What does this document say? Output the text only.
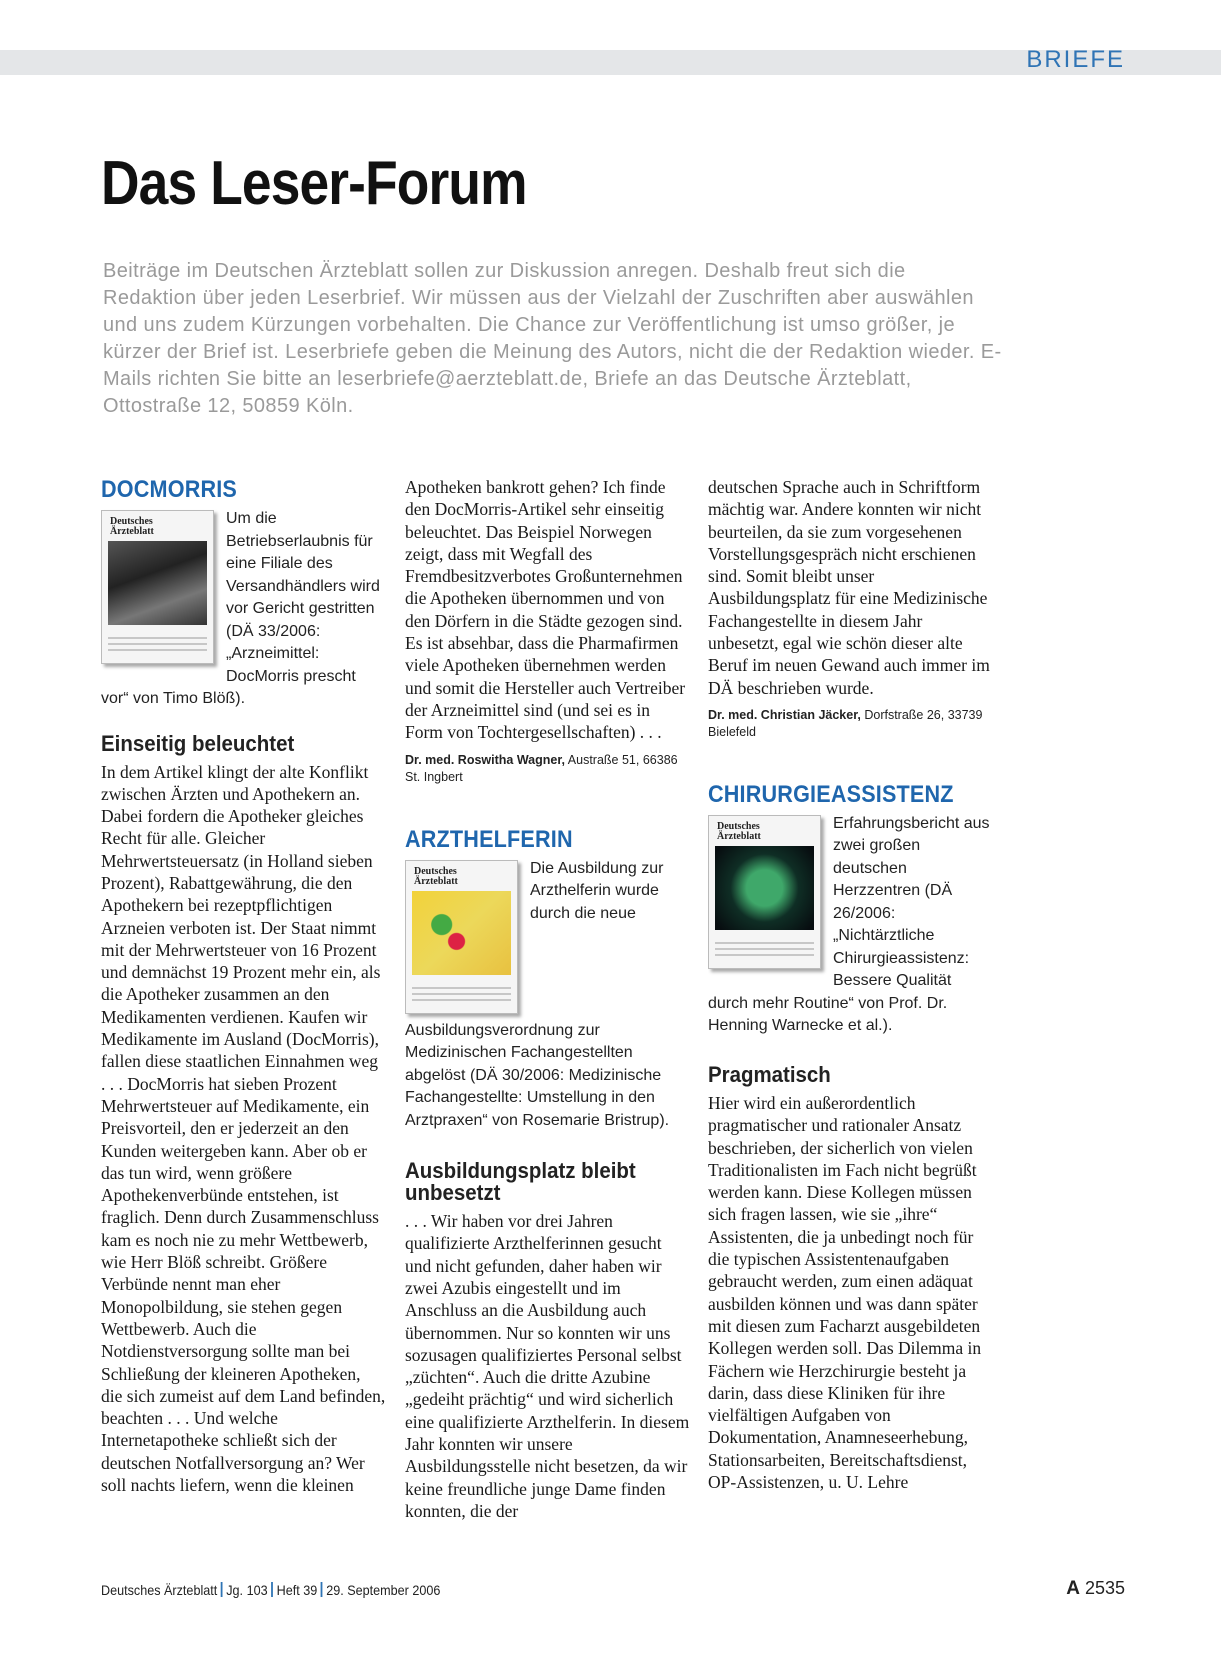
BRIEFE
Das Leser-Forum

Beiträge im Deutschen Ärzteblatt sollen zur Diskussion anregen. Deshalb freut sich die Redaktion über jeden Leserbrief. Wir müssen aus der Vielzahl der Zuschriften aber auswählen und uns zudem Kürzungen vorbehalten. Die Chance zur Veröffentlichung ist umso größer, je kürzer der Brief ist. Leserbriefe geben die Meinung des Autors, nicht die der Redaktion wieder. E-Mails richten Sie bitte an leserbriefe@aerzteblatt.de, Briefe an das Deutsche Ärzteblatt, Ottostraße 12, 50859 Köln.

DOCMORRIS
Deutsches
Ärzteblatt
Um die Betriebserlaubnis für eine Filiale des Versandhändlers wird vor Gericht gestritten (DÄ 33/2006: „Arzneimittel: DocMorris prescht vor“ von Timo Blöß).
Einseitig beleuchtet

In dem Artikel klingt der alte Konflikt zwischen Ärzten und Apothekern an. Dabei fordern die Apotheker gleiches Recht für alle. Gleicher Mehrwertsteuersatz (in Holland sieben Prozent), Rabattgewährung, die den Apothekern bei rezeptpflichtigen Arzneien verboten ist. Der Staat nimmt mit der Mehrwertsteuer von 16 Prozent und demnächst 19 Prozent mehr ein, als die Apotheker zusammen an den Medikamenten verdienen. Kaufen wir Medikamente im Ausland (DocMorris), fallen diese staatlichen Einnahmen weg . . . DocMorris hat sieben Prozent Mehrwertsteuer auf Medikamente, ein Preisvorteil, den er jederzeit an den Kunden weitergeben kann. Aber ob er das tun wird, wenn größere Apothekenverbünde entstehen, ist fraglich. Denn durch Zusammenschluss kam es noch nie zu mehr Wettbewerb, wie Herr Blöß schreibt. Größere Verbünde nennt man eher Monopolbildung, sie stehen gegen Wettbewerb. Auch die Notdienstversorgung sollte man bei Schließung der kleineren Apotheken, die sich zumeist auf dem Land befinden, beachten . . . Und welche Internetapotheke schließt sich der deutschen Notfallversorgung an? Wer soll nachts liefern, wenn die kleinen

Apotheken bankrott gehen? Ich finde den DocMorris-Artikel sehr einseitig beleuchtet. Das Beispiel Norwegen zeigt, dass mit Wegfall des Fremdbesitzverbotes Großunternehmen die Apotheken übernommen und von den Dörfern in die Städte gezogen sind. Es ist absehbar, dass die Pharmafirmen viele Apotheken übernehmen werden und somit die Hersteller auch Vertreiber der Arzneimittel sind (und sei es in Form von Tochtergesellschaften) . . .

Dr. med. Roswitha Wagner, Austraße 51, 66386 St. Ingbert

ARZTHELFERIN
Deutsches
Ärzteblatt
Die Ausbildung zur Arzthelferin wurde durch die neue Ausbildungsverordnung zur Medizinischen Fachangestellten abgelöst (DÄ 30/2006: Medizinische Fachangestellte: Umstellung in den Arztpraxen“ von Rosemarie Bristrup).
Ausbildungsplatz bleibt unbesetzt

. . . Wir haben vor drei Jahren qualifizierte Arzthelferinnen gesucht und nicht gefunden, daher haben wir zwei Azubis eingestellt und im Anschluss an die Ausbildung auch übernommen. Nur so konnten wir uns sozusagen qualifiziertes Personal selbst „züchten“. Auch die dritte Azubine „gedeiht prächtig“ und wird sicherlich eine qualifizierte Arzthelferin. In diesem Jahr konnten wir unsere Ausbildungsstelle nicht besetzen, da wir keine freundliche junge Dame finden konnten, die der

deutschen Sprache auch in Schriftform mächtig war. Andere konnten wir nicht beurteilen, da sie zum vorgesehenen Vorstellungsgespräch nicht erschienen sind. Somit bleibt unser Ausbildungsplatz für eine Medizinische Fachangestellte in diesem Jahr unbesetzt, egal wie schön dieser alte Beruf im neuen Gewand auch immer im DÄ beschrieben wurde.

Dr. med. Christian Jäcker, Dorfstraße 26, 33739 Bielefeld

CHIRURGIEASSISTENZ
Deutsches
Ärzteblatt
Erfahrungsbericht aus zwei großen deutschen Herzzentren (DÄ 26/2006: „Nichtärztliche Chirurgieassistenz: Bessere Qualität durch mehr Routine“ von Prof. Dr. Henning Warnecke et al.).
Pragmatisch

Hier wird ein außerordentlich pragmatischer und rationaler Ansatz beschrieben, der sicherlich von vielen Traditionalisten im Fach nicht begrüßt werden kann. Diese Kollegen müssen sich fragen lassen, wie sie „ihre“ Assistenten, die ja unbedingt noch für die typischen Assistentenaufgaben gebraucht werden, zum einen adäquat ausbilden können und was dann später mit diesen zum Facharzt ausgebildeten Kollegen werden soll. Das Dilemma in Fächern wie Herzchirurgie besteht ja darin, dass diese Kliniken für ihre vielfältigen Aufgaben von Dokumentation, Anamneseerhebung, Stationsarbeiten, Bereitschaftsdienst, OP-Assistenzen, u. U. Lehre

Deutsches Ärzteblatt Jg. 103 Heft 39 29. September 2006	A 2535
